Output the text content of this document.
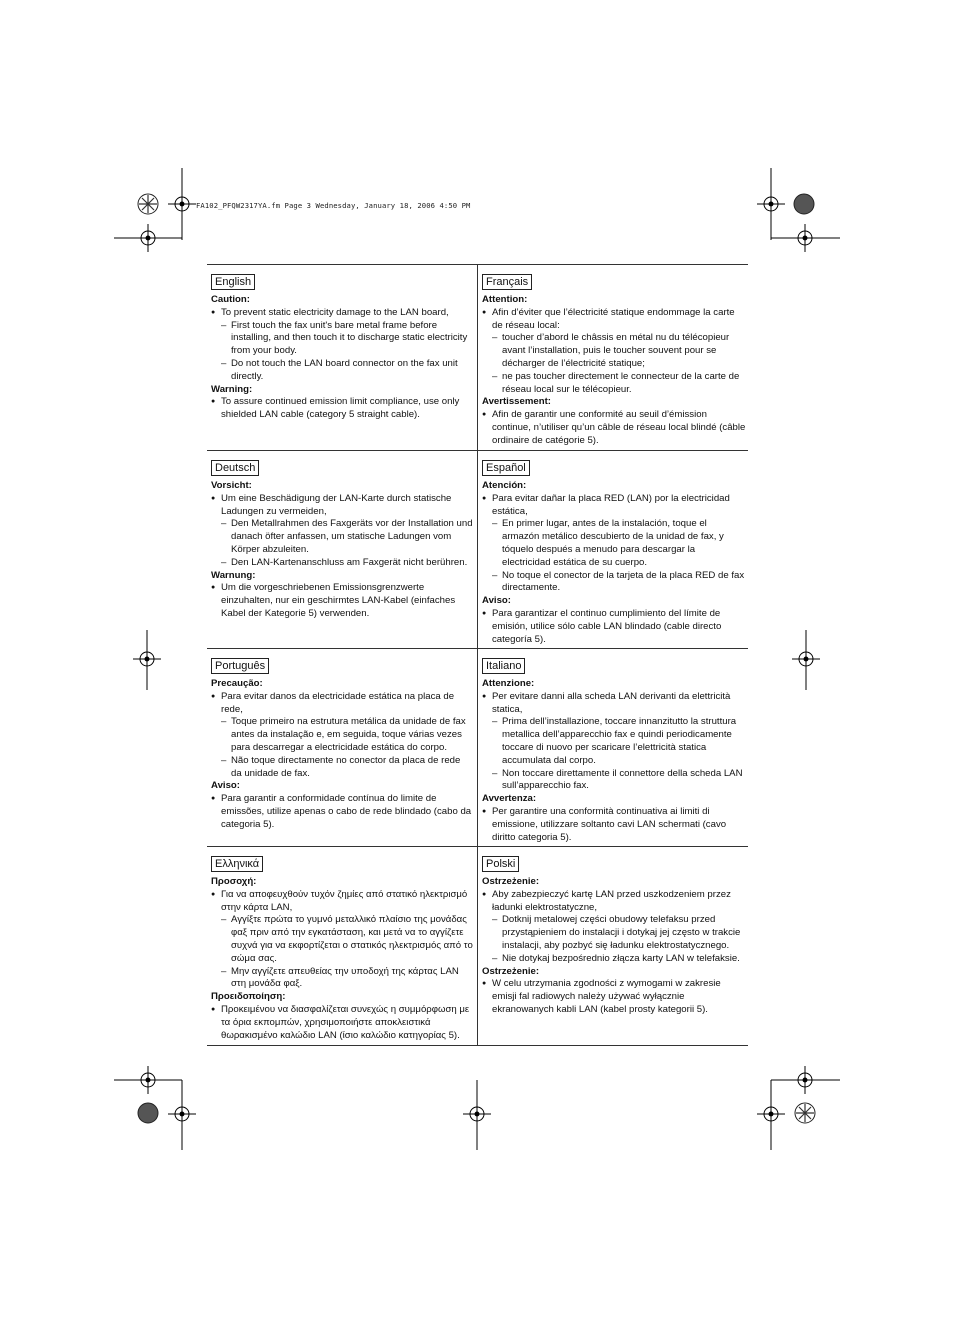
FA102_PFQW2317YA.fm Page 3 Wednesday, January 18, 2006 4:50 PM
English

Caution:

● To prevent static electricity damage to the LAN board,

– First touch the fax unit's bare metal frame before installing, and then touch it to discharge static electricity from your body.

– Do not touch the LAN board connector on the fax unit directly.

Warning:

● To assure continued emission limit compliance, use only shielded LAN cable (category 5 straight cable).

Français

Attention:

● Afin d’éviter que l’électricité statique endommage la carte de réseau local:

– toucher d’abord le châssis en métal nu du télécopieur avant l’installation, puis le toucher souvent pour se décharger de l’électricité statique;

– ne pas toucher directement le connecteur de la carte de réseau local sur le télécopieur.

Avertissement:

● Afin de garantir une conformité au seuil d’émission continue, n’utiliser qu’un câble de réseau local blindé (câble ordinaire de catégorie 5).

Deutsch

Vorsicht:

● Um eine Beschädigung der LAN-Karte durch statische Ladungen zu vermeiden,

– Den Metallrahmen des Faxgeräts vor der Installation und danach öfter anfassen, um statische Ladungen vom Körper abzuleiten.

– Den LAN-Kartenanschluss am Faxgerät nicht berühren.

Warnung:

● Um die vorgeschriebenen Emissionsgrenzwerte einzuhalten, nur ein geschirmtes LAN-Kabel (einfaches Kabel der Kategorie 5) verwenden.

Español

Atención:

● Para evitar dañar la placa RED (LAN) por la electricidad estática,

– En primer lugar, antes de la instalación, toque el armazón metálico descubierto de la unidad de fax, y tóquelo después a menudo para descargar la electricidad estática de su cuerpo.

– No toque el conector de la tarjeta de la placa RED de fax directamente.

Aviso:

● Para garantizar el continuo cumplimiento del límite de emisión, utilice sólo cable LAN blindado (cable directo categoría 5).

Português

Precaução:

● Para evitar danos da electricidade estática na placa de rede,

– Toque primeiro na estrutura metálica da unidade de fax antes da instalação e, em seguida, toque várias vezes para descarregar a electricidade estática do corpo.

– Não toque directamente no conector da placa de rede da unidade de fax.

Aviso:

● Para garantir a conformidade contínua do limite de emissões, utilize apenas o cabo de rede blindado (cabo da categoria 5).

Italiano

Attenzione:

● Per evitare danni alla scheda LAN derivanti da elettricità statica,

– Prima dell’installazione, toccare innanzitutto la struttura metallica dell’apparecchio fax e quindi periodicamente toccare di nuovo per scaricare l’elettricità statica accumulata dal corpo.

– Non toccare direttamente il connettore della scheda LAN sull’apparecchio fax.

Avvertenza:

● Per garantire una conformità continuativa ai limiti di emissione, utilizzare soltanto cavi LAN schermati (cavo diritto categoria 5).

Ελληνικά

Προσοχή:

● Για να αποφευχθούν τυχόν ζημίες από στατικό ηλεκτρισμό στην κάρτα LAN,

– Αγγίξτε πρώτα το γυμνό μεταλλικό πλαίσιο της μονάδας φαξ πριν από την εγκατάσταση, και μετά να το αγγίζετε συχνά για να εκφορτίζεται ο στατικός ηλεκτρισμός από το σώμα σας.

– Μην αγγίζετε απευθείας την υποδοχή της κάρτας LAN στη μονάδα φαξ.

Προειδοποίηση:

● Προκειμένου να διασφαλίζεται συνεχώς η συμμόρφωση με τα όρια εκπομπών, χρησιμοποιήστε αποκλειστικά θωρακισμένο καλώδιο LAN (ίσιο καλώδιο κατηγορίας 5).

Polski

Ostrzeżenie:

● Aby zabezpieczyć kartę LAN przed uszkodzeniem przez ładunki elektrostatyczne,

– Dotknij metalowej części obudowy telefaksu przed przystąpieniem do instalacji i dotykaj jej często w trakcie instalacji, aby pozbyć się ładunku elektrostatycznego.

– Nie dotykaj bezpośrednio złącza karty LAN w telefaksie.

Ostrzeżenie:

● W celu utrzymania zgodności z wymogami w zakresie emisji fal radiowych należy używać wyłącznie ekranowanych kabli LAN (kabel prosty kategorii 5).
